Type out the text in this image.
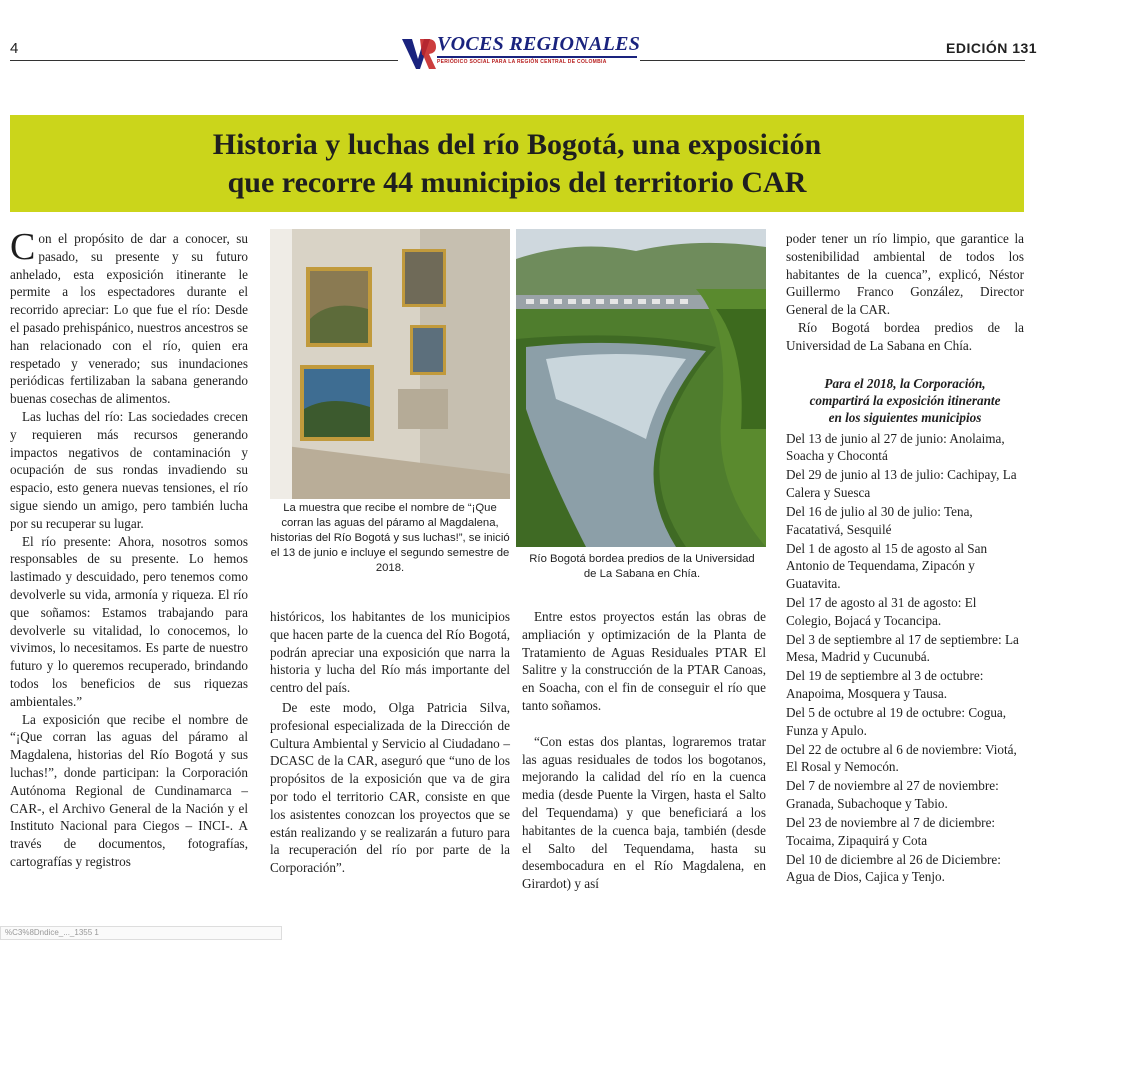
4	VOCES REGIONALES
PERIÓDICO SOCIAL PARA LA REGIÓN CENTRAL DE COLOMBIA
EDICIÓN 131
Historia y luchas del río Bogotá, una exposición
que recorre 44 municipios del territorio CAR

Con el propósito de dar a conocer, su pasado, su presente y su futuro anhelado, esta exposición itinerante le permite a los espectadores durante el recorrido apreciar: Lo que fue el río: Desde el pasado prehispánico, nuestros ancestros se han relacionado con el río, quien era respetado y venerado; sus inundaciones periódicas fertilizaban la sabana generando buenas cosechas de alimentos.

Las luchas del río: Las sociedades crecen y requieren más recursos generando impactos negativos de contaminación y ocupación de sus rondas invadiendo su espacio, esto genera nuevas tensiones, el río sigue siendo un amigo, pero también lucha por su recuperar su lugar.

El río presente: Ahora, nosotros somos responsables de su presente. Lo hemos lastimado y descuidado, pero tenemos como devolverle su vida, armonía y riqueza. El río que soñamos: Estamos trabajando para devolverle su vitalidad, lo conocemos, lo vivimos, lo necesitamos. Es parte de nuestro futuro y lo queremos recuperado, brindando todos los beneficios de sus riquezas ambientales.”

La exposición que recibe el nombre de “¡Que corran las aguas del páramo al Magdalena, historias del Río Bogotá y sus luchas!”, donde participan: la Corporación Autónoma Regional de Cundinamarca – CAR-, el Archivo General de la Nación y el Instituto Nacional para Ciegos – INCI-. A través de documentos, fotografías, cartografías y registros

La muestra que recibe el nombre de “¡Que corran las aguas del páramo al Magdalena, historias del Río Bogotá y sus luchas!”, se inició el 13 de junio e incluye el segundo semestre de 2018.
Río Bogotá bordea predios de la Universidad de La Sabana en Chía.

históricos, los habitantes de los municipios que hacen parte de la cuenca del Río Bogotá, podrán apreciar una exposición que narra la historia y lucha del Río más importante del centro del país.

De este modo, Olga Patricia Silva, profesional especializada de la Dirección de Cultura Ambiental y Servicio al Ciudadano – DCASC de la CAR, aseguró que “uno de los propósitos de la exposición que va de gira por todo el territorio CAR, consiste en que los asistentes conozcan los proyectos que se están realizando y se realizarán a futuro para la recuperación del río por parte de la Corporación”.

Entre estos proyectos están las obras de ampliación y optimización de la Planta de Tratamiento de Aguas Residuales PTAR El Salitre y la construcción de la PTAR Canoas, en Soacha, con el fin de conseguir el río que tanto soñamos.

“Con estas dos plantas, lograremos tratar las aguas residuales de todos los bogotanos, mejorando la calidad del río en la cuenca media (desde Puente la Virgen, hasta el Salto del Tequendama) y que beneficiará a los habitantes de la cuenca baja, también (desde el Salto del Tequendama, hasta su desembocadura en el Río Magdalena, en Girardot) y así

poder tener un río limpio, que garantice la sostenibilidad ambiental de todos los habitantes de la cuenca”, explicó, Néstor Guillermo Franco González, Director General de la CAR.

Río Bogotá bordea predios de la Universidad de La Sabana en Chía.

Para el 2018, la Corporación,
compartirá la exposición itinerante
en los siguientes municipios

Del 13 de junio al 27 de junio: Anolaima, Soacha y Chocontá

Del 29 de junio al 13 de julio: Cachipay, La Calera y Suesca

Del 16 de julio al 30 de julio: Tena, Facatativá, Sesquilé

Del 1 de agosto al 15 de agosto al San Antonio de Tequendama, Zipacón y Guatavita.

Del 17 de agosto al 31 de agosto: El Colegio, Bojacá y Tocancipa.

Del 3 de septiembre al 17 de septiembre: La Mesa, Madrid y Cucunubá.

Del 19 de septiembre al 3 de octubre: Anapoima, Mosquera y Tausa.

Del 5 de octubre al 19 de octubre: Cogua, Funza y Apulo.

Del 22 de octubre al 6 de noviembre: Viotá, El Rosal y Nemocón.

Del 7 de noviembre al 27 de noviembre: Granada, Subachoque y Tabio.

Del 23 de noviembre al 7 de diciembre: Tocaima, Zipaquirá y Cota

Del 10 de diciembre al 26 de Diciembre: Agua de Dios, Cajica y Tenjo.

%C3%8Dndice_..._1355 1
